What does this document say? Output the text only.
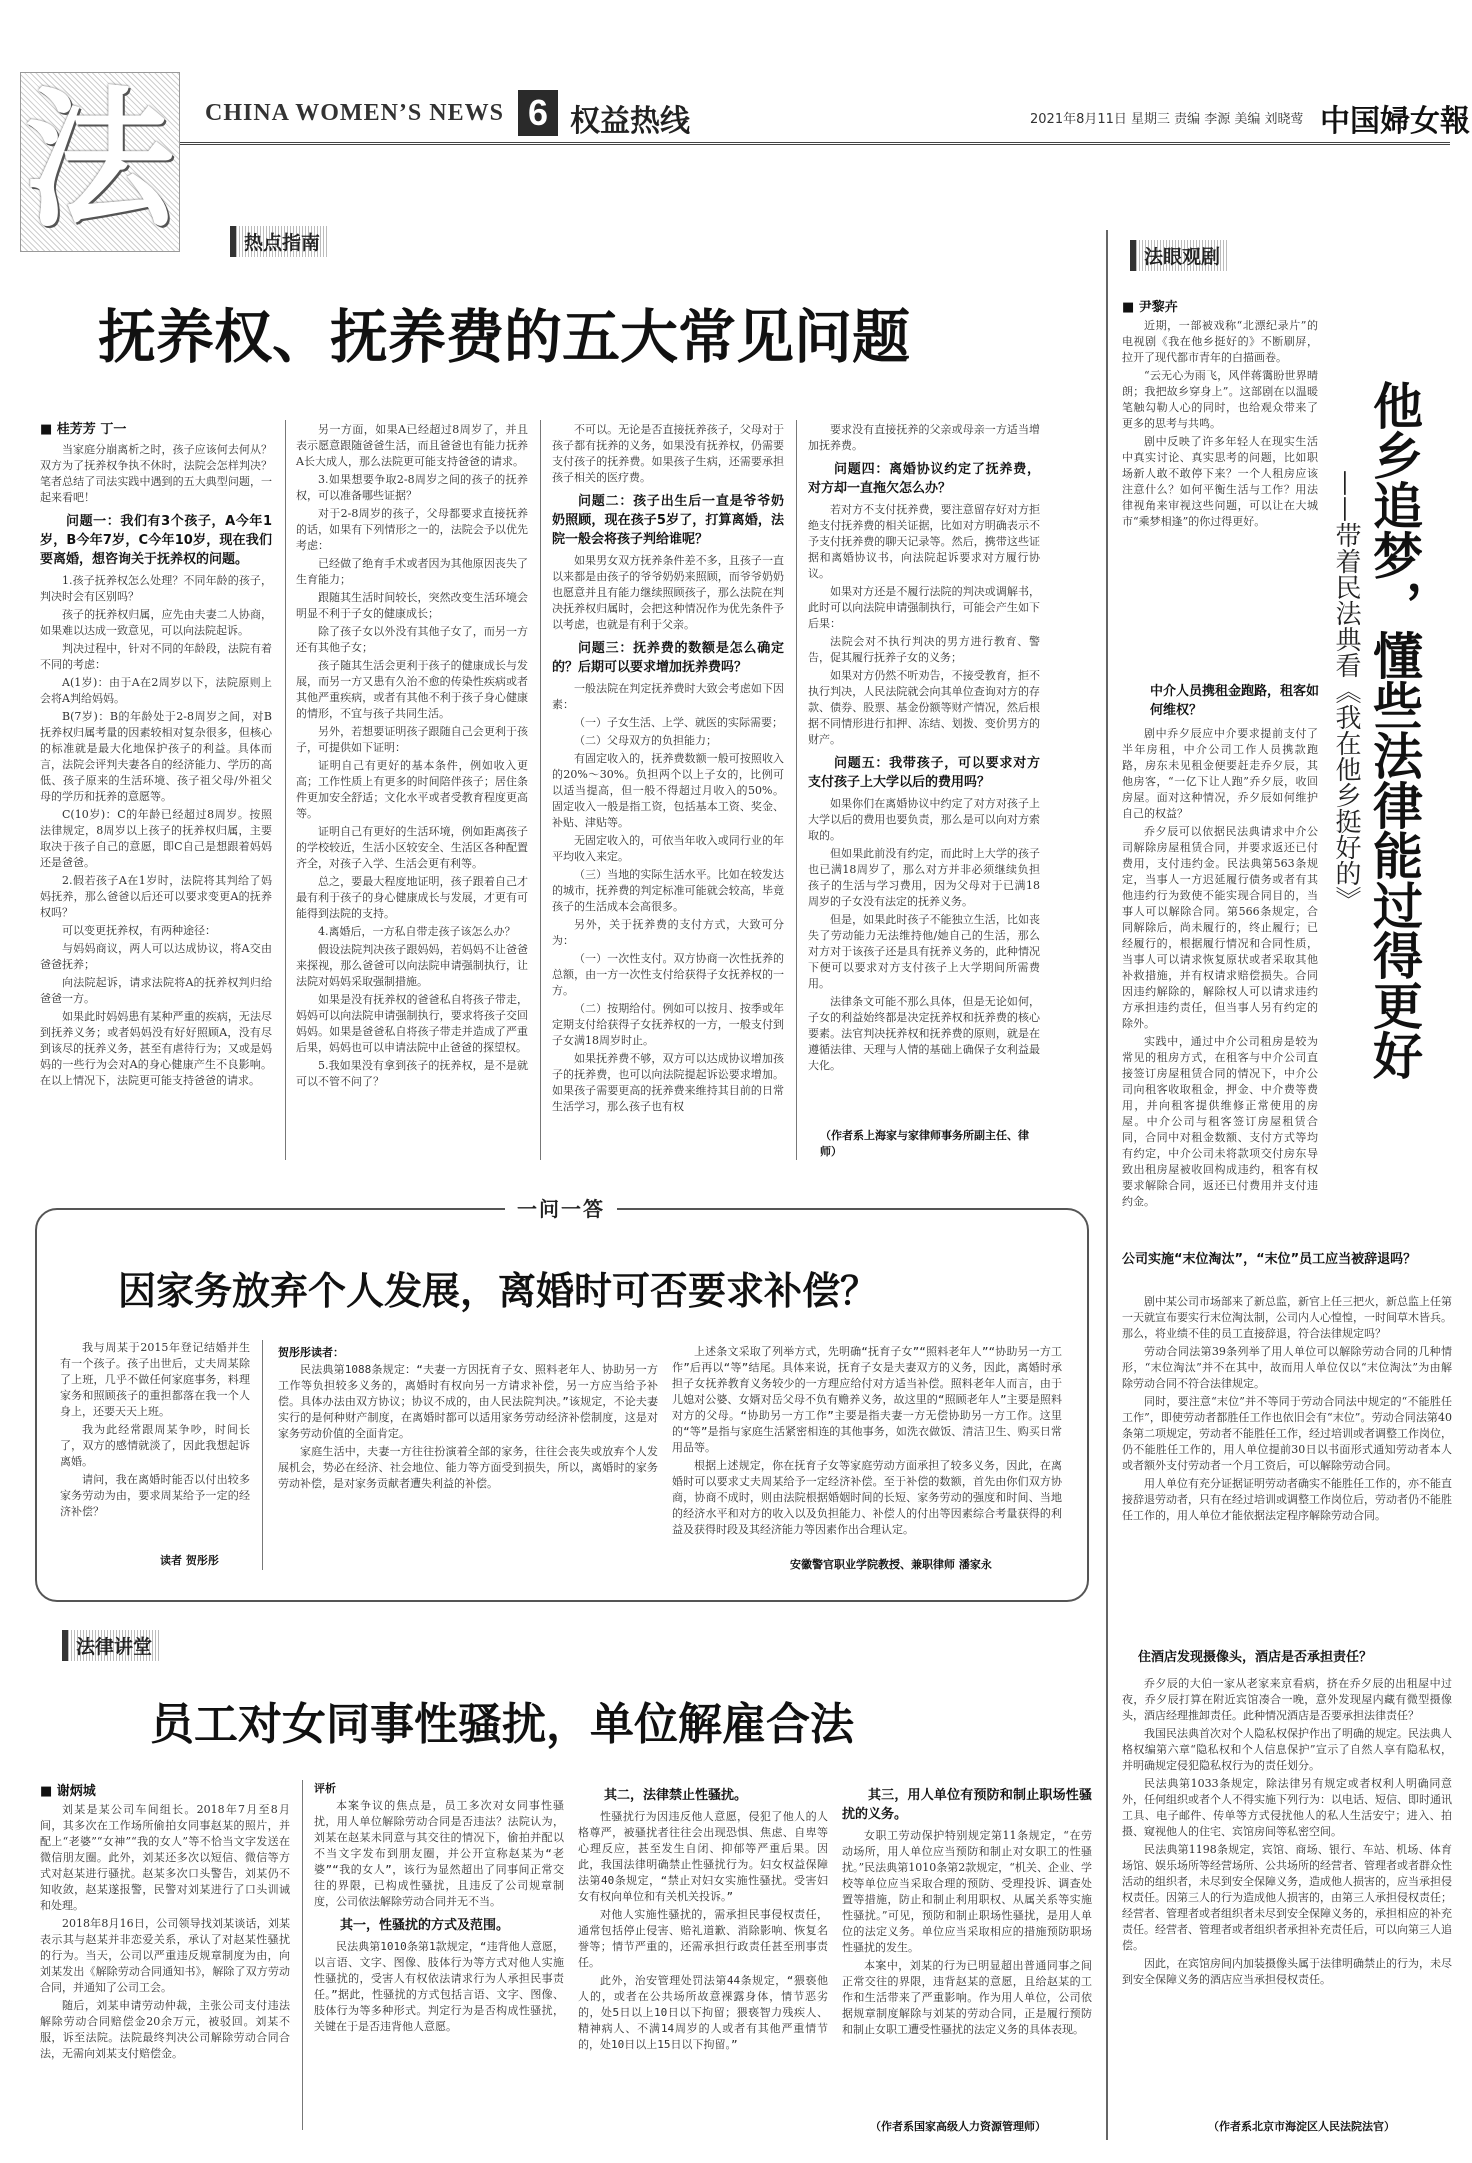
法 CHINA WOMEN’S NEWS 6 权益热线	2021年8月11日 星期三 责编 李源 美编 刘晓莺 中国婦女報
热点指南
抚养权、抚养费的五大常见问题
■ 桂芳芳 丁一

当家庭分崩离析之时，孩子应该何去何从？双方为了抚养权争执不休时，法院会怎样判决？笔者总结了司法实践中遇到的五大典型问题，一起来看吧！

问题一：我们有3个孩子，A今年1岁，B今年7岁，C今年10岁，现在我们要离婚，想咨询关于抚养权的问题。

1.孩子抚养权怎么处理？不同年龄的孩子，判决时会有区别吗？

孩子的抚养权归属，应先由夫妻二人协商，如果难以达成一致意见，可以向法院起诉。

判决过程中，针对不同的年龄段，法院有着不同的考虑：

A(1岁)：由于A在2周岁以下，法院原则上会将A判给妈妈。

B(7岁)：B的年龄处于2-8周岁之间，对B抚养权归属考量的因素较相对复杂很多，但核心的标准就是最大化地保护孩子的利益。具体而言，法院会评判夫妻各自的经济能力、学历的高低、孩子原来的生活环境、孩子祖父母/外祖父母的学历和抚养的意愿等。

C(10岁)：C的年龄已经超过8周岁。按照法律规定，8周岁以上孩子的抚养权归属，主要取决于孩子自己的意愿，即C自己是想跟着妈妈还是爸爸。

2.假若孩子A在1岁时，法院将其判给了妈妈抚养，那么爸爸以后还可以要求变更A的抚养权吗？

可以变更抚养权，有两种途径：

与妈妈商议，两人可以达成协议，将A交由爸爸抚养；

向法院起诉，请求法院将A的抚养权判归给爸爸一方。

如果此时妈妈患有某种严重的疾病，无法尽到抚养义务；或者妈妈没有好好照顾A，没有尽到该尽的抚养义务，甚至有虐待行为；又或是妈妈的一些行为会对A的身心健康产生不良影响。在以上情况下，法院更可能支持爸爸的请求。

另一方面，如果A已经超过8周岁了，并且表示愿意跟随爸爸生活，而且爸爸也有能力抚养A长大成人，那么法院更可能支持爸爸的请求。

3.如果想要争取2-8周岁之间的孩子的抚养权，可以准备哪些证据？

对于2-8周岁的孩子，父母都要求直接抚养的话，如果有下列情形之一的，法院会予以优先考虑：

已经做了绝育手术或者因为其他原因丧失了生育能力；

跟随其生活时间较长，突然改变生活环境会明显不利于子女的健康成长；

除了孩子女以外没有其他子女了，而另一方还有其他子女；

孩子随其生活会更利于孩子的健康成长与发展，而另一方又患有久治不愈的传染性疾病或者其他严重疾病，或者有其他不利于孩子身心健康的情形，不宜与孩子共同生活。

另外，若想要证明孩子跟随自己会更利于孩子，可提供如下证明：

证明自己有更好的基本条件，例如收入更高；工作性质上有更多的时间陪伴孩子；居住条件更加安全舒适；文化水平或者受教育程度更高等。

证明自己有更好的生活环境，例如距离孩子的学校较近，生活小区较安全、生活区各种配置齐全，对孩子入学、生活会更有利等。

总之，要最大程度地证明，孩子跟着自己才最有利于孩子的身心健康成长与发展，才更有可能得到法院的支持。

4.离婚后，一方私自带走孩子该怎么办？

假设法院判决孩子跟妈妈，若妈妈不让爸爸来探视，那么爸爸可以向法院申请强制执行，让法院对妈妈采取强制措施。

如果是没有抚养权的爸爸私自将孩子带走，妈妈可以向法院申请强制执行，要求将孩子交回妈妈。如果是爸爸私自将孩子带走并造成了严重后果，妈妈也可以申请法院中止爸爸的探望权。

5.我如果没有拿到孩子的抚养权，是不是就可以不管不问了？

不可以。无论是否直接抚养孩子，父母对于孩子都有抚养的义务，如果没有抚养权，仍需要支付孩子的抚养费。如果孩子生病，还需要承担孩子相关的医疗费。

问题二：孩子出生后一直是爷爷奶奶照顾，现在孩子5岁了，打算离婚，法院一般会将孩子判给谁呢？

如果男女双方抚养条件差不多，且孩子一直以来都是由孩子的爷爷奶奶来照顾，而爷爷奶奶也愿意并且有能力继续照顾孩子，那么法院在判决抚养权归属时，会把这种情况作为优先条件予以考虑，也就是有利于父亲。

问题三：抚养费的数额是怎么确定的？后期可以要求增加抚养费吗？

一般法院在判定抚养费时大致会考虑如下因素：

（一）子女生活、上学、就医的实际需要；

（二）父母双方的负担能力；

有固定收入的，抚养费数额一般可按照收入的20%～30%。负担两个以上子女的，比例可以适当提高，但一般不得超过月收入的50%。固定收入一般是指工资，包括基本工资、奖金、补贴、津贴等。

无固定收入的，可依当年收入或同行业的年平均收入来定。

（三）当地的实际生活水平。比如在较发达的城市，抚养费的判定标准可能就会较高，毕竟孩子的生活成本会高很多。

另外，关于抚养费的支付方式，大致可分为：

（一）一次性支付。双方协商一次性抚养的总额，由一方一次性支付给获得子女抚养权的一方。

（二）按期给付。例如可以按月、按季或年定期支付给获得子女抚养权的一方，一般支付到子女满18周岁时止。

如果抚养费不够，双方可以达成协议增加孩子的抚养费，也可以向法院提起诉讼要求增加。如果孩子需要更高的抚养费来维持其目前的日常生活学习，那么孩子也有权

要求没有直接抚养的父亲或母亲一方适当增加抚养费。

问题四：离婚协议约定了抚养费，对方却一直拖欠怎么办？

若对方不支付抚养费，要注意留存好对方拒绝支付抚养费的相关证据，比如对方明确表示不予支付抚养费的聊天记录等。然后，携带这些证据和离婚协议书，向法院起诉要求对方履行协议。

如果对方还是不履行法院的判决或调解书，此时可以向法院申请强制执行，可能会产生如下后果：

法院会对不执行判决的男方进行教育、警告，促其履行抚养子女的义务；

如果对方仍然不听劝告，不接受教育，拒不执行判决，人民法院就会向其单位查询对方的存款、债券、股票、基金份额等财产情况，然后根据不同情形进行扣押、冻结、划拨、变价男方的财产。

问题五：我带孩子，可以要求对方支付孩子上大学以后的费用吗？

如果你们在离婚协议中约定了对方对孩子上大学以后的费用也要负责，那么是可以向对方索取的。

但如果此前没有约定，而此时上大学的孩子也已满18周岁了，那么对方并非必须继续负担孩子的生活与学习费用，因为父母对于已满18周岁的子女没有法定的抚养义务。

但是，如果此时孩子不能独立生活，比如丧失了劳动能力无法维持他/她自己的生活，那么对方对于该孩子还是具有抚养义务的，此种情况下便可以要求对方支付孩子上大学期间所需费用。

法律条文可能不那么具体，但是无论如何，子女的利益始终都是决定抚养权和抚养费的核心要素。法官判决抚养权和抚养费的原则，就是在遵循法律、天理与人情的基础上确保子女利益最大化。

（作者系上海家与家律师事务所副主任、律师）
一问一答
因家务放弃个人发展，离婚时可否要求补偿？

我与周某于2015年登记结婚并生有一个孩子。孩子出世后，丈夫周某除了上班，几乎不做任何家庭事务，料理家务和照顾孩子的重担都落在我一个人身上，还要天天上班。

我为此经常跟周某争吵，时间长了，双方的感情就淡了，因此我想起诉离婚。

请问，我在离婚时能否以付出较多家务劳动为由，要求周某给予一定的经济补偿？

读者 贺彤彤
贺彤彤读者：

民法典第1088条规定：“夫妻一方因抚育子女、照料老年人、协助另一方工作等负担较多义务的，离婚时有权向另一方请求补偿，另一方应当给予补偿。具体办法由双方协议；协议不成的，由人民法院判决。”该规定，不论夫妻实行的是何种财产制度，在离婚时都可以适用家务劳动经济补偿制度，这是对家务劳动价值的全面肯定。

家庭生活中，夫妻一方往往扮演着全部的家务，往往会丧失或放弃个人发展机会，势必在经济、社会地位、能力等方面受到损失，所以，离婚时的家务劳动补偿，是对家务贡献者遭失利益的补偿。

上述条文采取了列举方式，先明确“抚育子女”“照料老年人”“协助另一方工作”后再以“等”结尾。具体来说，抚育子女是夫妻双方的义务，因此，离婚时承担子女抚养教育义务较少的一方理应给付对方适当补偿。照料老年人而言，由于儿媳对公婆、女婿对岳父母不负有赡养义务，故这里的“照顾老年人”主要是照料对方的父母。“协助另一方工作”主要是指夫妻一方无偿协助另一方工作。这里的“等”是指与家庭生活紧密相连的其他事务，如洗衣做饭、清洁卫生、购买日常用品等。

根据上述规定，你在抚育子女等家庭劳动方面承担了较多义务，因此，在离婚时可以要求丈夫周某给予一定经济补偿。至于补偿的数额，首先由你们双方协商，协商不成时，则由法院根据婚姻时间的长短、家务劳动的强度和时间、当地的经济水平和对方的收入以及负担能力、补偿人的付出等因素综合考量获得的利益及获得时段及其经济能力等因素作出合理认定。

安徽警官职业学院教授、兼职律师 潘家永
法律讲堂
员工对女同事性骚扰，单位解雇合法
■ 谢炳城

刘某是某公司车间组长。2018年7月至8月间，其多次在工作场所偷拍女同事赵某的照片，并配上“老婆”“女神”“我的女人”等不恰当文字发送在微信朋友圈。此外，刘某还多次以短信、微信等方式对赵某进行骚扰。赵某多次口头警告，刘某仍不知收敛，赵某遂报警，民警对刘某进行了口头训诫和处理。

2018年8月16日，公司领导找刘某谈话，刘某表示其与赵某并非恋爱关系，承认了对赵某性骚扰的行为。当天，公司以严重违反规章制度为由，向刘某发出《解除劳动合同通知书》，解除了双方劳动合同，并通知了公司工会。

随后，刘某申请劳动仲裁，主张公司支付违法解除劳动合同赔偿金20余万元，被驳回。刘某不服，诉至法院。法院最终判决公司解除劳动合同合法，无需向刘某支付赔偿金。

评析

本案争议的焦点是，员工多次对女同事性骚扰，用人单位解除劳动合同是否违法？法院认为，刘某在赵某未同意与其交往的情况下，偷拍并配以不当文字发布到朋友圈，并公开宣称赵某为“老婆”“我的女人”，该行为显然超出了同事间正常交往的界限，已构成性骚扰，且违反了公司规章制度，公司依法解除劳动合同并无不当。

其一，性骚扰的方式及范围。

民法典第1010条第1款规定，“违背他人意愿，以言语、文字、图像、肢体行为等方式对他人实施性骚扰的，受害人有权依法请求行为人承担民事责任。”据此，性骚扰的方式包括言语、文字、图像、肢体行为等多种形式。判定行为是否构成性骚扰，关键在于是否违背他人意愿。

其二，法律禁止性骚扰。

性骚扰行为因违反他人意愿，侵犯了他人的人格尊严，被骚扰者往往会出现恐惧、焦虑、自卑等心理反应，甚至发生自闭、抑郁等严重后果。因此，我国法律明确禁止性骚扰行为。妇女权益保障法第40条规定，“禁止对妇女实施性骚扰。受害妇女有权向单位和有关机关投诉。”

对他人实施性骚扰的，需承担民事侵权责任，通常包括停止侵害、赔礼道歉、消除影响、恢复名誉等；情节严重的，还需承担行政责任甚至刑事责任。

此外，治安管理处罚法第44条规定，“猥亵他人的，或者在公共场所故意裸露身体，情节恶劣的，处5日以上10日以下拘留；猥亵智力残疾人、精神病人、不满14周岁的人或者有其他严重情节的，处10日以上15日以下拘留。”

其三，用人单位有预防和制止职场性骚扰的义务。

女职工劳动保护特别规定第11条规定，“在劳动场所，用人单位应当预防和制止对女职工的性骚扰。”民法典第1010条第2款规定，“机关、企业、学校等单位应当采取合理的预防、受理投诉、调查处置等措施，防止和制止利用职权、从属关系等实施性骚扰。”可见，预防和制止职场性骚扰，是用人单位的法定义务。单位应当采取相应的措施预防职场性骚扰的发生。

本案中，刘某的行为已明显超出普通同事之间正常交往的界限，违背赵某的意愿，且给赵某的工作和生活带来了严重影响。作为用人单位，公司依据规章制度解除与刘某的劳动合同，正是履行预防和制止女职工遭受性骚扰的法定义务的具体表现。

（作者系国家高级人力资源管理师）
法眼观剧
■ 尹黎卉

近期，一部被戏称“北漂纪录片”的电视剧《我在他乡挺好的》不断刷屏，拉开了现代都市青年的白描画卷。

“云无心为雨飞，风伴蒋霭盼世界晴朗；我把故乡穿身上”。这部剧在以温暖笔触勾勒人心的同时，也给观众带来了更多的思考与共鸣。

剧中反映了许多年轻人在现实生活中真实讨论、真实思考的问题，比如职场新人敢不敢停下来？一个人租房应该注意什么？如何平衡生活与工作？用法律视角来审视这些问题，可以让在大城市“乘梦相逢”的你过得更好。	他乡追梦，懂些法律能过得更好
——带着民法典看《我在他乡挺好的》
中介人员携租金跑路，租客如何维权？

剧中乔夕辰应中介要求提前支付了半年房租，中介公司工作人员携款跑路，房东未见租金便要赶走乔夕辰，其他房客，“一亿下让人跑”乔夕辰，收回房屋。面对这种情况，乔夕辰如何维护自己的权益？

乔夕辰可以依据民法典请求中介公司解除房屋租赁合同，并要求返还已付费用，支付违约金。民法典第563条规定，当事人一方迟延履行债务或者有其他违约行为致使不能实现合同目的，当事人可以解除合同。第566条规定，合同解除后，尚未履行的，终止履行；已经履行的，根据履行情况和合同性质，当事人可以请求恢复原状或者采取其他补救措施，并有权请求赔偿损失。合同因违约解除的，解除权人可以请求违约方承担违约责任，但当事人另有约定的除外。

实践中，通过中介公司租房是较为常见的租房方式，在租客与中介公司直接签订房屋租赁合同的情况下，中介公司向租客收取租金，押金、中介费等费用，并向租客提供维修正常使用的房屋。中介公司与租客签订房屋租赁合同，合同中对租金数额、支付方式等均有约定，中介公司未将款项交付房东导致出租房屋被收回构成违约，租客有权要求解除合同，返还已付费用并支付违约金。

公司实施“末位淘汰”，“末位”员工应当被辞退吗？

剧中某公司市场部来了新总监，新官上任三把火，新总监上任第一天就宣布要实行末位淘汰制，公司内人心惶惶，一时间草木皆兵。那么，将业绩不佳的员工直接辞退，符合法律规定吗？

劳动合同法第39条列举了用人单位可以解除劳动合同的几种情形，“末位淘汰”并不在其中，故而用人单位仅以“末位淘汰”为由解除劳动合同不符合法律规定。

同时，要注意“末位”并不等同于劳动合同法中规定的“不能胜任工作”，即使劳动者都胜任工作也依旧会有“末位”。劳动合同法第40条第二项规定，劳动者不能胜任工作，经过培训或者调整工作岗位，仍不能胜任工作的，用人单位提前30日以书面形式通知劳动者本人或者额外支付劳动者一个月工资后，可以解除劳动合同。

用人单位有充分证据证明劳动者确实不能胜任工作的，亦不能直接辞退劳动者，只有在经过培训或调整工作岗位后，劳动者仍不能胜任工作的，用人单位才能依据法定程序解除劳动合同。

住酒店发现摄像头，酒店是否承担责任？

乔夕辰的大伯一家从老家来京看病，挤在乔夕辰的出租屋中过夜，乔夕辰打算在附近宾馆凑合一晚，意外发现屋内藏有微型摄像头，酒店经理推卸责任。此种情况酒店是否要承担法律责任？

我国民法典首次对个人隐私权保护作出了明确的规定。民法典人格权编第六章“隐私权和个人信息保护”宣示了自然人享有隐私权，并明确规定侵犯隐私权行为的责任划分。

民法典第1033条规定，除法律另有规定或者权利人明确同意外，任何组织或者个人不得实施下列行为：以电话、短信、即时通讯工具、电子邮件、传单等方式侵扰他人的私人生活安宁；进入、拍摄、窥视他人的住宅、宾馆房间等私密空间。

民法典第1198条规定，宾馆、商场、银行、车站、机场、体育场馆、娱乐场所等经营场所、公共场所的经营者、管理者或者群众性活动的组织者，未尽到安全保障义务，造成他人损害的，应当承担侵权责任。因第三人的行为造成他人损害的，由第三人承担侵权责任；经营者、管理者或者组织者未尽到安全保障义务的，承担相应的补充责任。经营者、管理者或者组织者承担补充责任后，可以向第三人追偿。

因此，在宾馆房间内加装摄像头属于法律明确禁止的行为，未尽到安全保障义务的酒店应当承担侵权责任。

（作者系北京市海淀区人民法院法官）
